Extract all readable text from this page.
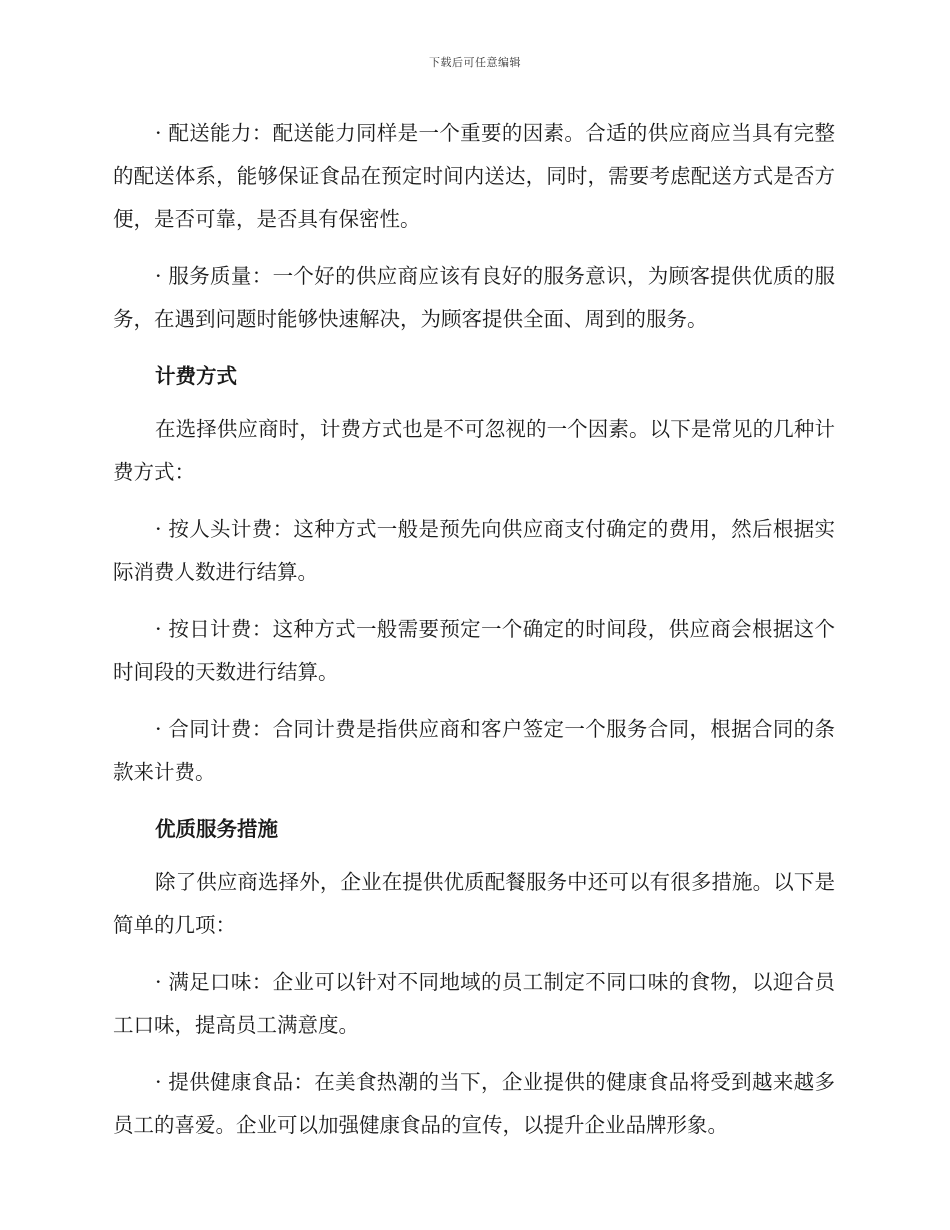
下载后可任意编辑

· 配送能力：配送能力同样是一个重要的因素。合适的供应商应当具有完整的配送体系，能够保证食品在预定时间内送达，同时，需要考虑配送方式是否方便，是否可靠，是否具有保密性。

· 服务质量：一个好的供应商应该有良好的服务意识，为顾客提供优质的服务，在遇到问题时能够快速解决，为顾客提供全面、周到的服务。

计费方式

在选择供应商时，计费方式也是不可忽视的一个因素。以下是常见的几种计费方式：

· 按人头计费：这种方式一般是预先向供应商支付确定的费用，然后根据实际消费人数进行结算。

· 按日计费：这种方式一般需要预定一个确定的时间段，供应商会根据这个时间段的天数进行结算。

· 合同计费：合同计费是指供应商和客户签定一个服务合同，根据合同的条款来计费。

优质服务措施

除了供应商选择外，企业在提供优质配餐服务中还可以有很多措施。以下是简单的几项：

· 满足口味：企业可以针对不同地域的员工制定不同口味的食物，以迎合员工口味，提高员工满意度。

· 提供健康食品：在美食热潮的当下，企业提供的健康食品将受到越来越多员工的喜爱。企业可以加强健康食品的宣传，以提升企业品牌形象。
